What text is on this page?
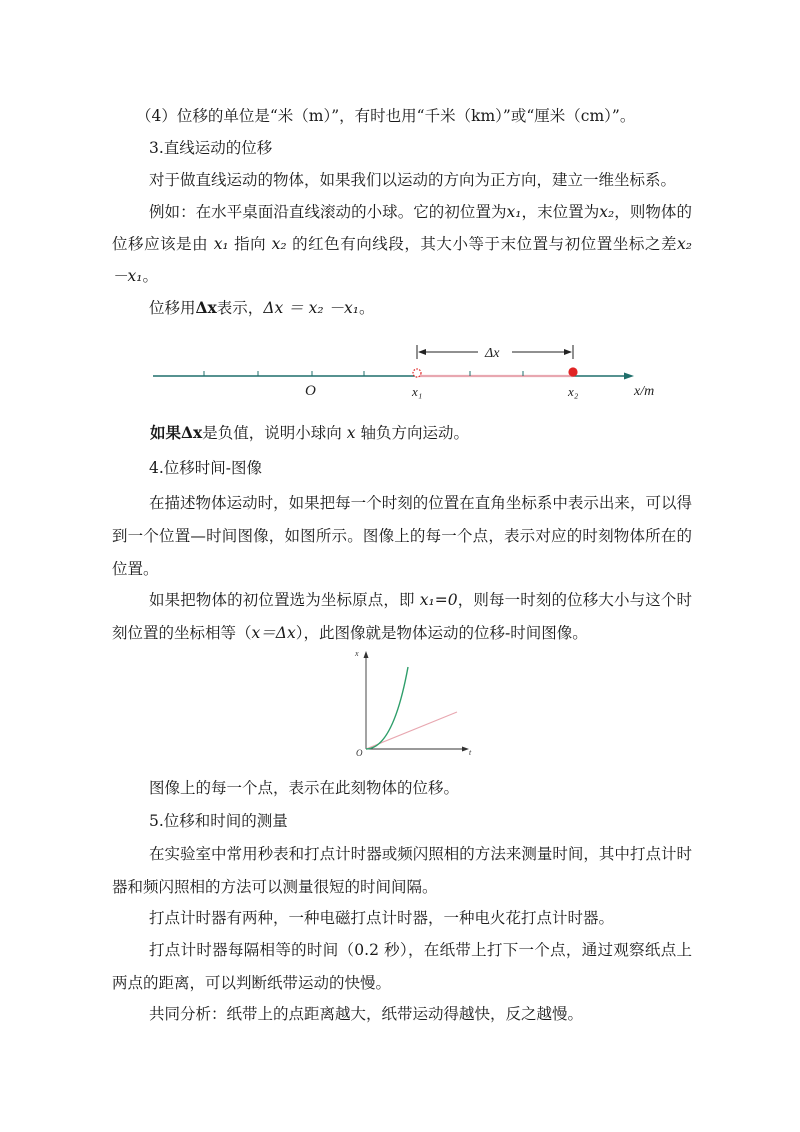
（4）位移的单位是“米（m）”，有时也用“千米（km）”或“厘米（cm）”。

3.直线运动的位移

对于做直线运动的物体，如果我们以运动的方向为正方向，建立一维坐标系。

例如：在水平桌面沿直线滚动的小球。它的初位置为x₁，末位置为x₂，则物体的位移应该是由 x₁ 指向 x₂ 的红色有向线段，其大小等于末位置与初位置坐标之差x₂ －x₁。

位移用Δx表示，Δx ＝ x₂ －x₁。

Δx
O	x₁	x₂	x/m

如果Δx是负值，说明小球向 x 轴负方向运动。

4.位移时间-图像

在描述物体运动时，如果把每一个时刻的位置在直角坐标系中表示出来，可以得到一个位置—时间图像，如图所示。图像上的每一个点，表示对应的时刻物体所在的位置。

如果把物体的初位置选为坐标原点，即 x₁=0，则每一时刻的位移大小与这个时刻位置的坐标相等（x＝Δx），此图像就是物体运动的位移-时间图像。

x
t
O

图像上的每一个点，表示在此刻物体的位移。

5.位移和时间的测量

在实验室中常用秒表和打点计时器或频闪照相的方法来测量时间，其中打点计时器和频闪照相的方法可以测量很短的时间间隔。

打点计时器有两种，一种电磁打点计时器，一种电火花打点计时器。

打点计时器每隔相等的时间（0.2 秒），在纸带上打下一个点，通过观察纸点上两点的距离，可以判断纸带运动的快慢。

共同分析：纸带上的点距离越大，纸带运动得越快，反之越慢。
